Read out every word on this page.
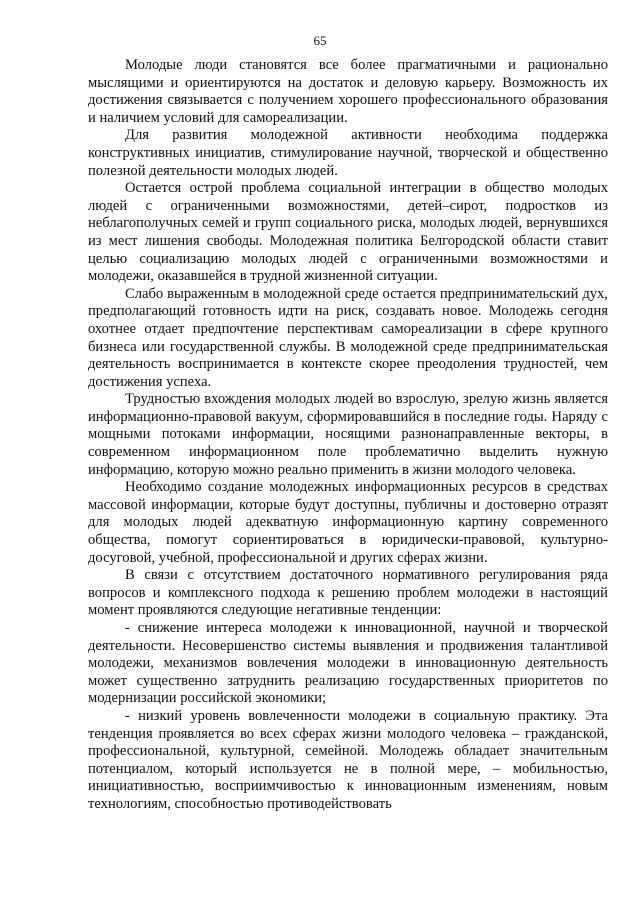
65

Молодые люди становятся все более прагматичными и рационально мыслящими и ориентируются на достаток и деловую карьеру. Возможность их достижения связывается с получением хорошего профессионального образования и наличием условий для самореализации.

Для развития молодежной активности необходима поддержка конструктивных инициатив, стимулирование научной, творческой и общественно полезной деятельности молодых людей.

Остается острой проблема социальной интеграции в общество молодых людей с ограниченными возможностями, детей–сирот, подростков из неблагополучных семей и групп социального риска, молодых людей, вернувшихся из мест лишения свободы. Молодежная политика Белгородской области ставит целью социализацию молодых людей с ограниченными возможностями и молодежи, оказавшейся в трудной жизненной ситуации.

Слабо выраженным в молодежной среде остается предпринимательский дух, предполагающий готовность идти на риск, создавать новое. Молодежь сегодня охотнее отдает предпочтение перспективам самореализации в сфере крупного бизнеса или государственной службы. В молодежной среде предпринимательская деятельность воспринимается в контексте скорее преодоления трудностей, чем достижения успеха.

Трудностью вхождения молодых людей во взрослую, зрелую жизнь является информационно-правовой вакуум, сформировавшийся в последние годы. Наряду с мощными потоками информации, носящими разнонаправленные векторы, в современном информационном поле проблематично выделить нужную информацию, которую можно реально применить в жизни молодого человека.

Необходимо создание молодежных информационных ресурсов в средствах массовой информации, которые будут доступны, публичны и достоверно отразят для молодых людей адекватную информационную картину современного общества, помогут сориентироваться в юридически-правовой, культурно-досуговой, учебной, профессиональной и других сферах жизни.

В связи с отсутствием достаточного нормативного регулирования ряда вопросов и комплексного подхода к решению проблем молодежи в настоящий момент проявляются следующие негативные тенденции:

- снижение интереса молодежи к инновационной, научной и творческой деятельности. Несовершенство системы выявления и продвижения талантливой молодежи, механизмов вовлечения молодежи в инновационную деятельность может существенно затруднить реализацию государственных приоритетов по модернизации российской экономики;

- низкий уровень вовлеченности молодежи в социальную практику. Эта тенденция проявляется во всех сферах жизни молодого человека – гражданской, профессиональной, культурной, семейной. Молодежь обладает значительным потенциалом, который используется не в полной мере, – мобильностью, инициативностью, восприимчивостью к инновационным изменениям, новым технологиям, способностью противодействовать
